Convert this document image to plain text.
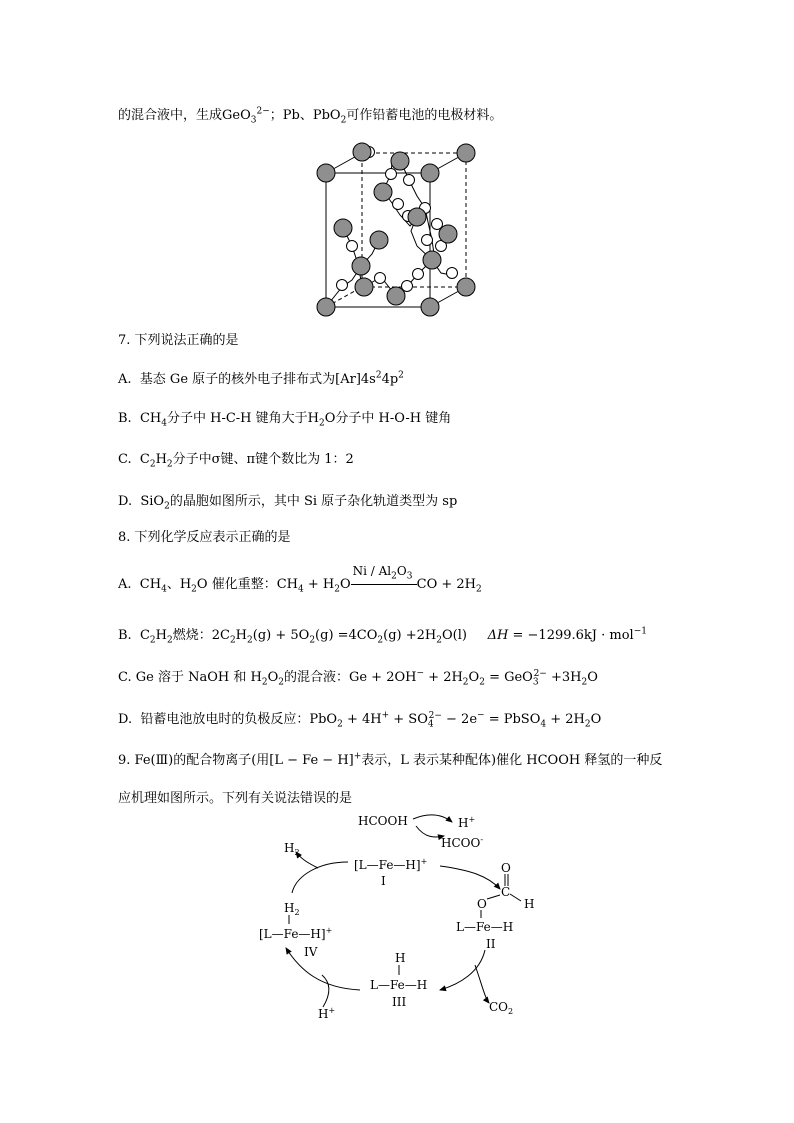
的混合液中，生成GeO$_3^{2-}$；Pb、PbO$_2$可作铅蓄电池的电极材料。
7. 下列说法正确的是
A. 基态 Ge 原子的核外电子排布式为$[Ar]4s^24p^2$
B. $CH_4$分子中 H-C-H 键角大于$H_2O$分子中 H-O-H 键角
C. $C_2H_2$分子中σ键、π键个数比为 1：2
D. SiO$_2$的晶胞如图所示，其中 Si 原子杂化轨道类型为 sp
8. 下列化学反应表示正确的是
A. $CH_4$、$H_2O$ 催化重整：$CH_4 + H_2O$
Ni / $Al_2O_3$
CO + $2H_2$
B. $C_2H_2$燃烧：$2C_2H_2(g) + 5O_2(g) =4CO_2(g) +2H_2O(l) \Delta H = -1299.6kJ \cdot mol^{-1}$
C. Ge 溶于 NaOH 和 $H_2O_2$的混合液：$Ge + 2OH^- + 2H_2O_2 = GeO_3^{2-} +3H_2O$
D. 铅蓄电池放电时的负极反应：$PbO_2 + 4H^+ + SO_4^{2-} - 2e^-$ = PbSO$_4$ + $2H_2O$
9. Fe(Ⅲ)的配合物离子(用[L − Fe − H]+表示，L 表示某种配体)催化 HCOOH 释氢的一种反
应机理如图所示。下列有关说法错误的是
HCOOH	H+
HCOO-
$H_2$
[L—Fe—H]+
I
O
C
H
O
L—Fe—H
II
$H_2$
[L—Fe—H]+
IV	H
L—Fe—H
III	$CO_2$
H+
